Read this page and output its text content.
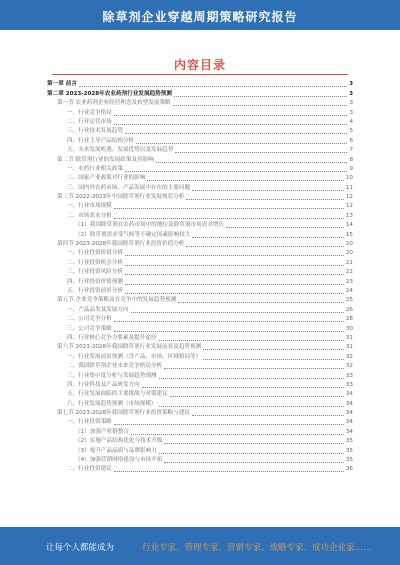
除草剂企业穿越周期策略研究报告
内容目录
第一章 前言	3
第二章 2023-2028年农业药剂行业发展趋势预测	3
第一节 农业药剂企业经营理念及转型发展策略	3
一、行业竞争格局	3
二、行业运营市场	4
三、行业技术发展趋势	5
四、行业主导产品结构分析	6
五、未来发展机遇、发展优势以及发展趋势	7
第二节 除草剂行业的发展政策及其影响	8
一、农药行业相关政策	9
二、国家产业政策对行业的影响	10
三、国内外农药市场、产品发展中存在的主要问题	11
第三节 2022-2023年中国除草剂行业发展现状分析	12
一、行业市场规模	12
二、市场需求分析	13
（1）我国除草剂在农药市场中的地位及除草剂市场需求增长	14
（2）除草剂需求受气候等不确定因素影响较大	15
第四节 2023-2028年我国除草剂行业投资价值分析	20
一、行业投资价值分析	20
二、行业投资机会分析	21
三、行业投资风险分析	22
四、行业投资价值预测	23
五、行业投资前景分析	24
第五节 企业竞争策略及在竞争中的发展趋势预测	25
一、产品品类及发展方向	26
二、公司竞争分析	28
三、公司竞争策略	30
四、行业核心竞争力要素及提升途径	31
第六节 2023-2028年我国除草剂行业发展前景及趋势预测	31
一、行业发展前景预测（含产品、市场、区域格局等）	32
二、我国除草剂企业未来竞争格局分析	32
三、行业集中度分析与发展趋势预测	33
四、行业科技及产品研发方向	33
五、行业发展面临的主要挑战与对策建议	34
六、行业发展趋势预测（市场规模）	34
第七节 2023-2028年我国除草剂行业投资策略与建议	34
一、行业投资策略	34
（1）加强产业链整合	34
（2）实施产品结构优化与技术升级	35
（3）提升产品品质与品牌影响力	35
（4）加强营销网络建设与市场开拓	35
二、行业投资建议	36
让每个人都能成为	行业专家、管理专家、营销专家、战略专家、成功企业家……
